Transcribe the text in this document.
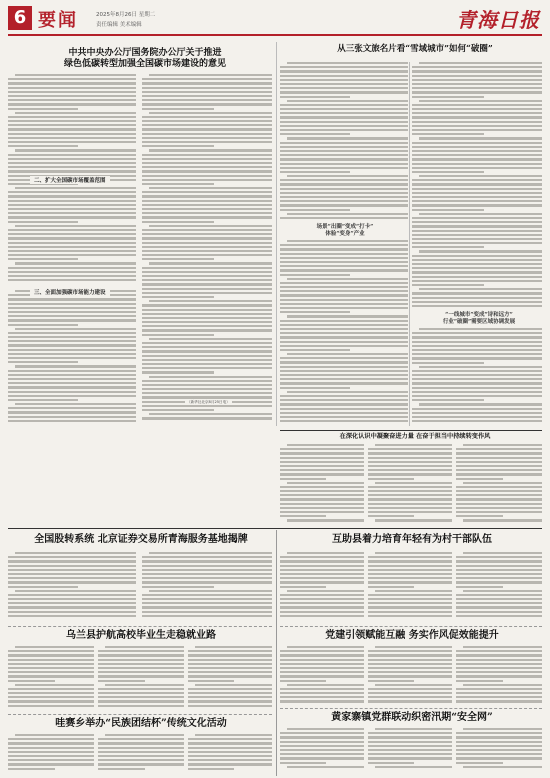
6 要闻	2025年8月26日 星期二
责任编辑 美术编辑	青海日报
中共中央办公厅国务院办公厅关于推进
绿色低碳转型加强全国碳市场建设的意见
二、扩大全国碳市场覆盖范围
三、全面加强碳市场能力建设
（新华社北京8月25日电）
从三张文旅名片看“雪域城市”如何“破圈”
场景“出圈”变成“打卡”
体验“变身”产业
“一线城市”变成“诗和远方”
行业“破圈”需要区域协调发展
在深化认识中凝聚奋进力量 在奋于担当中持续转变作风
全国股转系统 北京证券交易所青海服务基地揭牌
乌兰县护航高校毕业生走稳就业路
哇赛乡举办“民族团结杯”传统文化活动
互助县着力培育年轻有为村干部队伍
党建引领赋能互融 务实作风促效能提升
黄家寨镇党群联动织密汛期“安全网”
